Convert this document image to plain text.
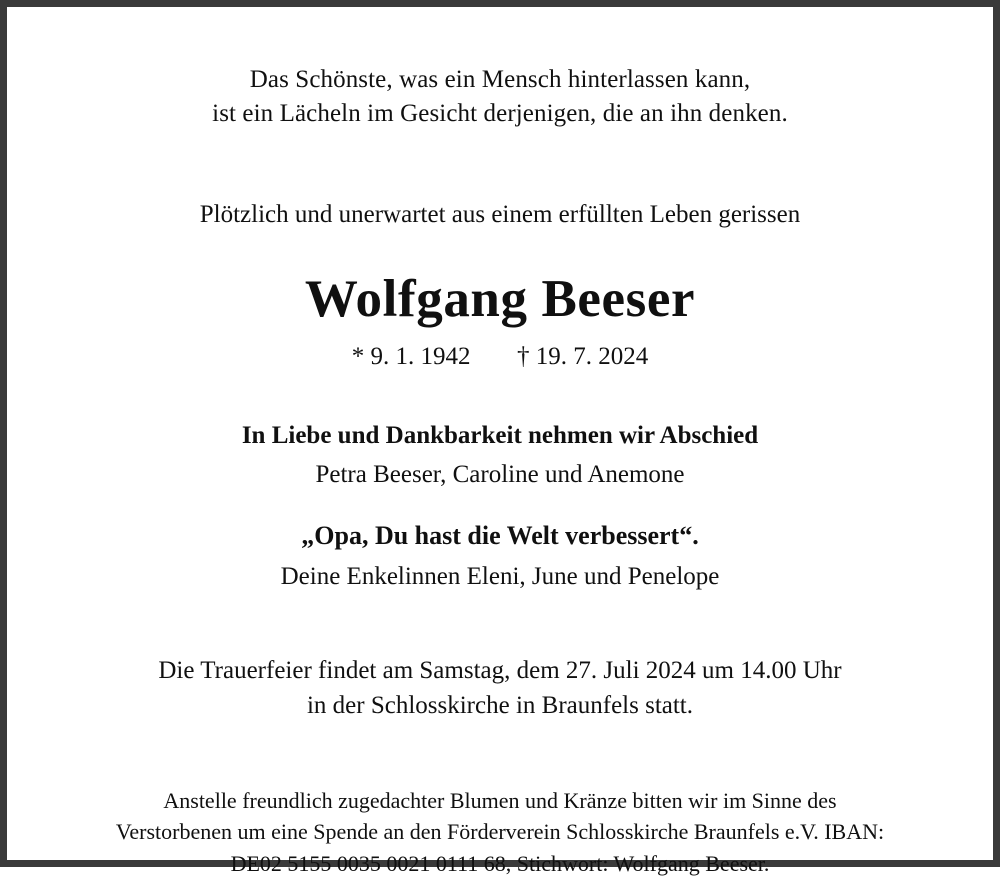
Das Schönste, was ein Mensch hinterlassen kann,
ist ein Lächeln im Gesicht derjenigen, die an ihn denken.
Plötzlich und unerwartet aus einem erfüllten Leben gerissen
Wolfgang Beeser
* 9. 1. 1942 † 19. 7. 2024
In Liebe und Dankbarkeit nehmen wir Abschied
Petra Beeser, Caroline und Anemone
„Opa, Du hast die Welt verbessert“.
Deine Enkelinnen Eleni, June und Penelope
Die Trauerfeier findet am Samstag, dem 27. Juli 2024 um 14.00 Uhr
in der Schlosskirche in Braunfels statt.
Anstelle freundlich zugedachter Blumen und Kränze bitten wir im Sinne des
Verstorbenen um eine Spende an den Förderverein Schlosskirche Braunfels e.V. IBAN:
DE02 5155 0035 0021 0111 68, Stichwort: Wolfgang Beeser.
